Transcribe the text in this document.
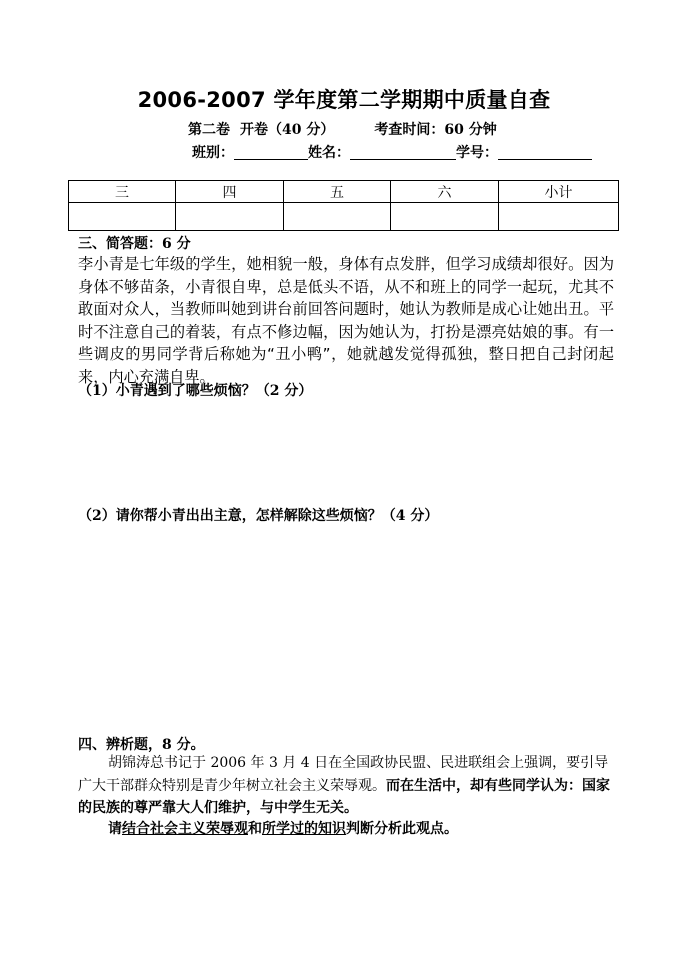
2006-2007 学年度第二学期期中质量自查
第二卷 开卷（40 分）	考查时间：60 分钟
班别：	姓名：	学号：
三	四	五	六	小计

三、简答题：6 分
李小青是七年级的学生，她相貌一般，身体有点发胖，但学习成绩却很好。因为身体不够苗条，小青很自卑，总是低头不语，从不和班上的同学一起玩，尤其不敢面对众人，当教师叫她到讲台前回答问题时，她认为教师是成心让她出丑。平时不注意自己的着装，有点不修边幅，因为她认为，打扮是漂亮姑娘的事。有一些调皮的男同学背后称她为“丑小鸭”，她就越发觉得孤独，整日把自己封闭起来，内心充满自卑。
（1）小青遇到了哪些烦恼？（2 分）
（2）请你帮小青出出主意，怎样解除这些烦恼？（4 分）
四、辨析题，8 分。
胡锦涛总书记于 2006 年 3 月 4 日在全国政协民盟、民进联组会上强调，要引导广大干部群众特别是青少年树立社会主义荣辱观。而在生活中，却有些同学认为：国家的民族的尊严靠大人们维护，与中学生无关。
请结合社会主义荣辱观和所学过的知识判断分析此观点。
